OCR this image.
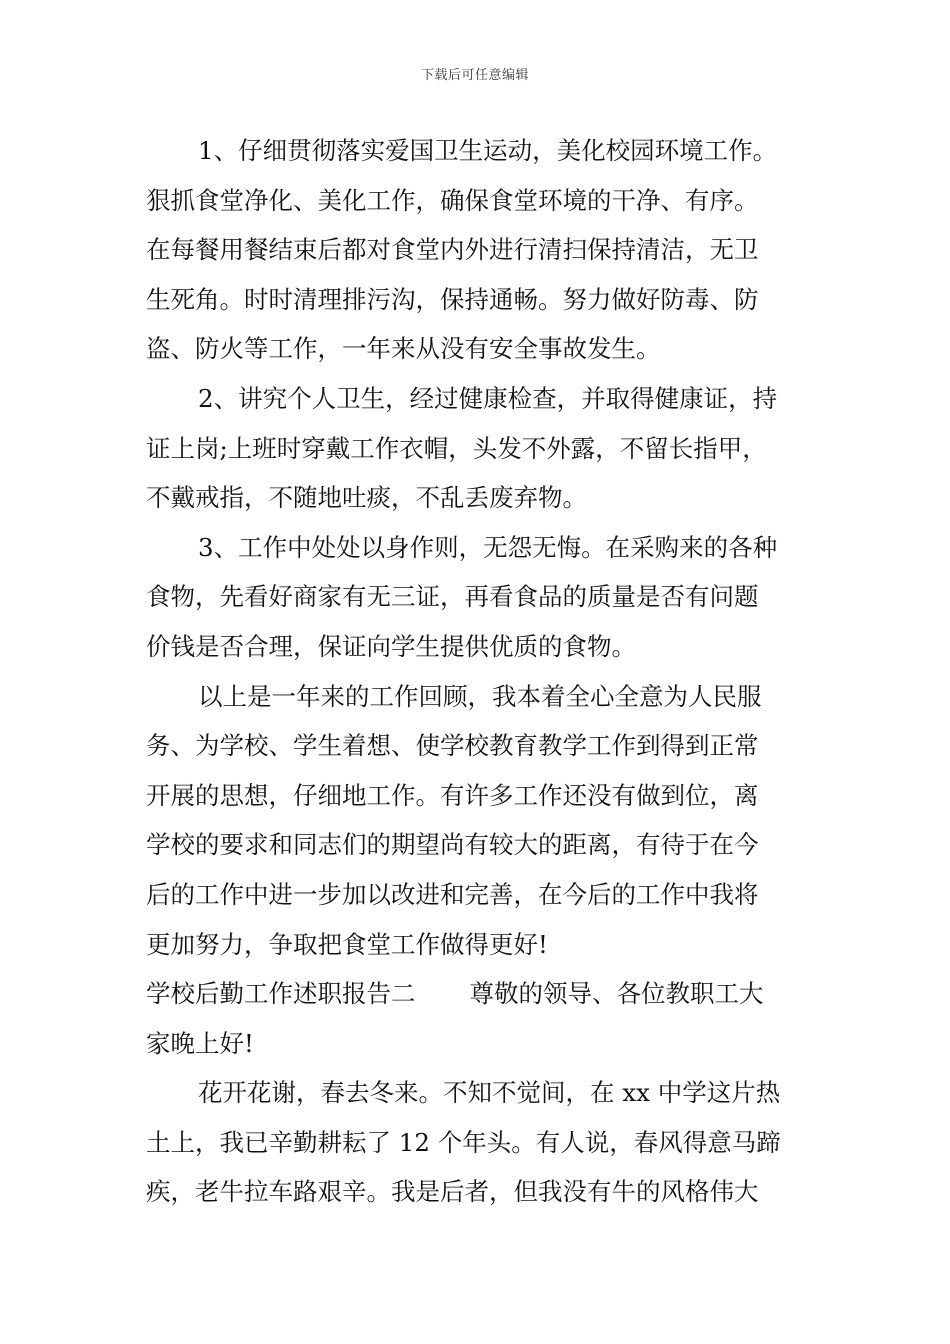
下载后可任意编辑
1、仔细贯彻落实爱国卫生运动，美化校园环境工作。
狠抓食堂净化、美化工作，确保食堂环境的干净、有序。
在每餐用餐结束后都对食堂内外进行清扫保持清洁，无卫
生死角。时时清理排污沟，保持通畅。努力做好防毒、防
盗、防火等工作，一年来从没有安全事故发生。
2、讲究个人卫生，经过健康检查，并取得健康证，持
证上岗;上班时穿戴工作衣帽，头发不外露，不留长指甲，
不戴戒指，不随地吐痰，不乱丢废弃物。
3、工作中处处以身作则，无怨无悔。在采购来的各种
食物，先看好商家有无三证，再看食品的质量是否有问题
价钱是否合理，保证向学生提供优质的食物。
以上是一年来的工作回顾，我本着全心全意为人民服
务、为学校、学生着想、使学校教育教学工作到得到正常
开展的思想，仔细地工作。有许多工作还没有做到位，离
学校的要求和同志们的期望尚有较大的距离，有待于在今
后的工作中进一步加以改进和完善，在今后的工作中我将
更加努力，争取把食堂工作做得更好!
学校后勤工作述职报告二 尊敬的领导、各位教职工大
家晚上好!
花开花谢，春去冬来。不知不觉间，在 xx 中学这片热
土上，我已辛勤耕耘了 12 个年头。有人说，春风得意马蹄
疾，老牛拉车路艰辛。我是后者，但我没有牛的风格伟大
